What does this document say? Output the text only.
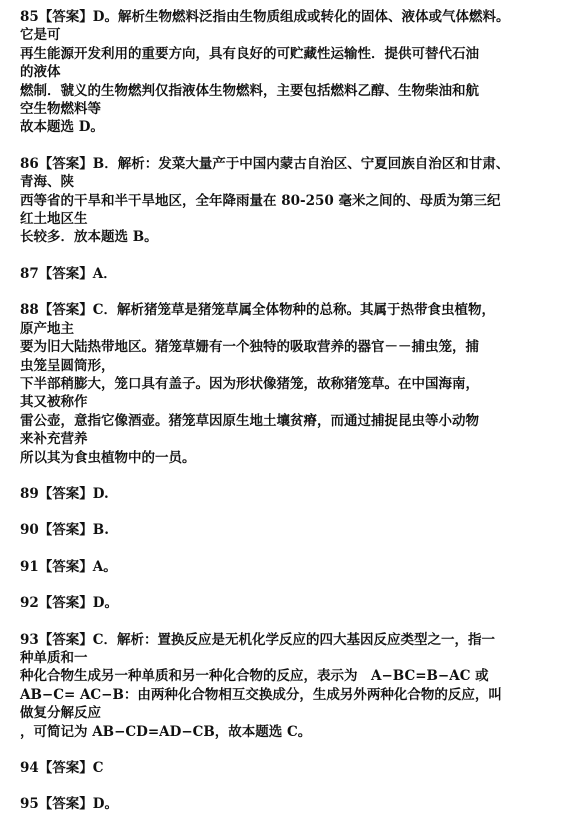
85【答案】D。解析生物燃料泛指由生物质组成或转化的固体、液体或气体燃料。
它是可
再生能源开发利用的重要方向，具有良好的可贮藏性运输性．提供可替代石油
的液体
燃制．虢义的生物燃判仅指液体生物燃料，主要包括燃料乙醇、生物柴油和航
空生物燃料等
故本题选 D。
86【答案】B．解析：发菜大量产于中国内蒙古自治区、宁夏回族自治区和甘肃、
青海、陕
西等省的干旱和半干旱地区，全年降雨量在 80-250 毫米之间的、母质为第三纪
红土地区生
长较多．放本题选 B。
87【答案】A．
88【答案】C．解析猪笼草是猪笼草属全体物种的总称。其属于热带食虫植物，
原产地主
要为旧大陆热带地区。猪笼草姗有一个独特的吸取营养的器官－－捕虫笼，捕
虫笼呈圆筒形，
下半部稍膨大，笼口具有盖子。因为形状像猪笼，故称猪笼草。在中国海南，
其又被称作
雷公壶，意指它像酒壶。猪笼草因原生地土壤贫瘠，而通过捕捉昆虫等小动物
来补充营养
所以其为食虫植物中的一员。
89【答案】D.
90【答案】B.
91【答案】A。
92【答案】D。
93【答案】C．解析：置换反应是无机化学反应的四大基因反应类型之一，指一
种单质和一
种化合物生成另一种单质和另一种化合物的反应，表示为　A−BC=B−AC 或
AB−C= AC−B：由两种化合物相互交换成分，生成另外两种化合物的反应，叫
做复分解反应
，可简记为 AB−CD=AD−CB，故本题选 C。
94【答案】C
95【答案】D。
